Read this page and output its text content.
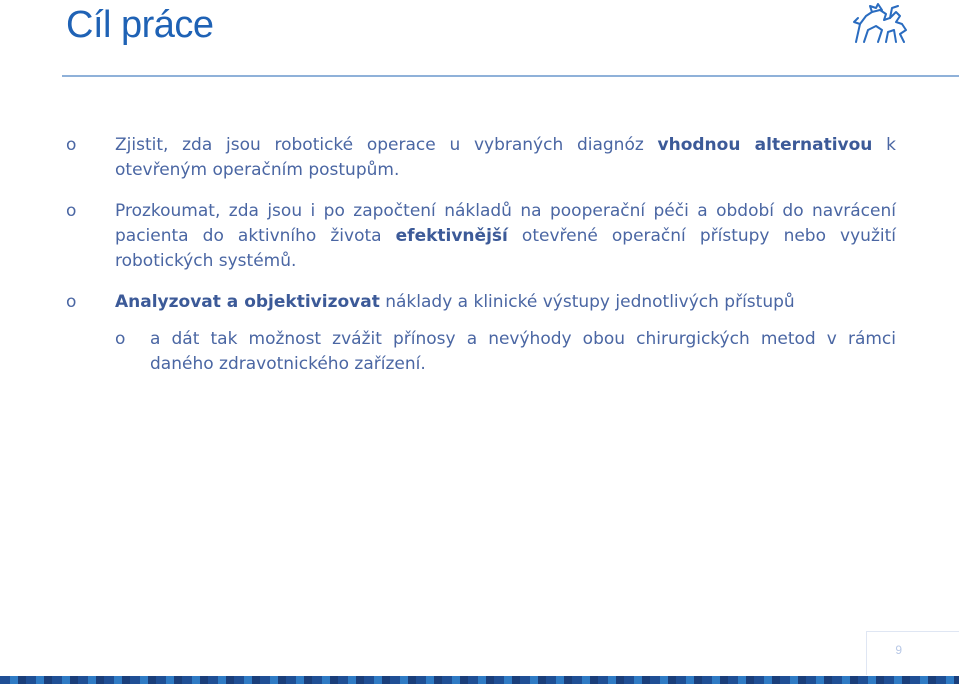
Cíl práce
o Zjistit, zda jsou robotické operace u vybraných diagnóz vhodnou alternativou k otevřeným operačním postupům.
o Prozkoumat, zda jsou i po započtení nákladů na pooperační péči a období do navrácení pacienta do aktivního života efektivnější otevřené operační přístupy nebo využití robotických systémů.
o Analyzovat a objektivizovat náklady a klinické výstupy jednotlivých přístupů
o a dát tak možnost zvážit přínosy a nevýhody obou chirurgických metod v rámci daného zdravotnického zařízení.
9
